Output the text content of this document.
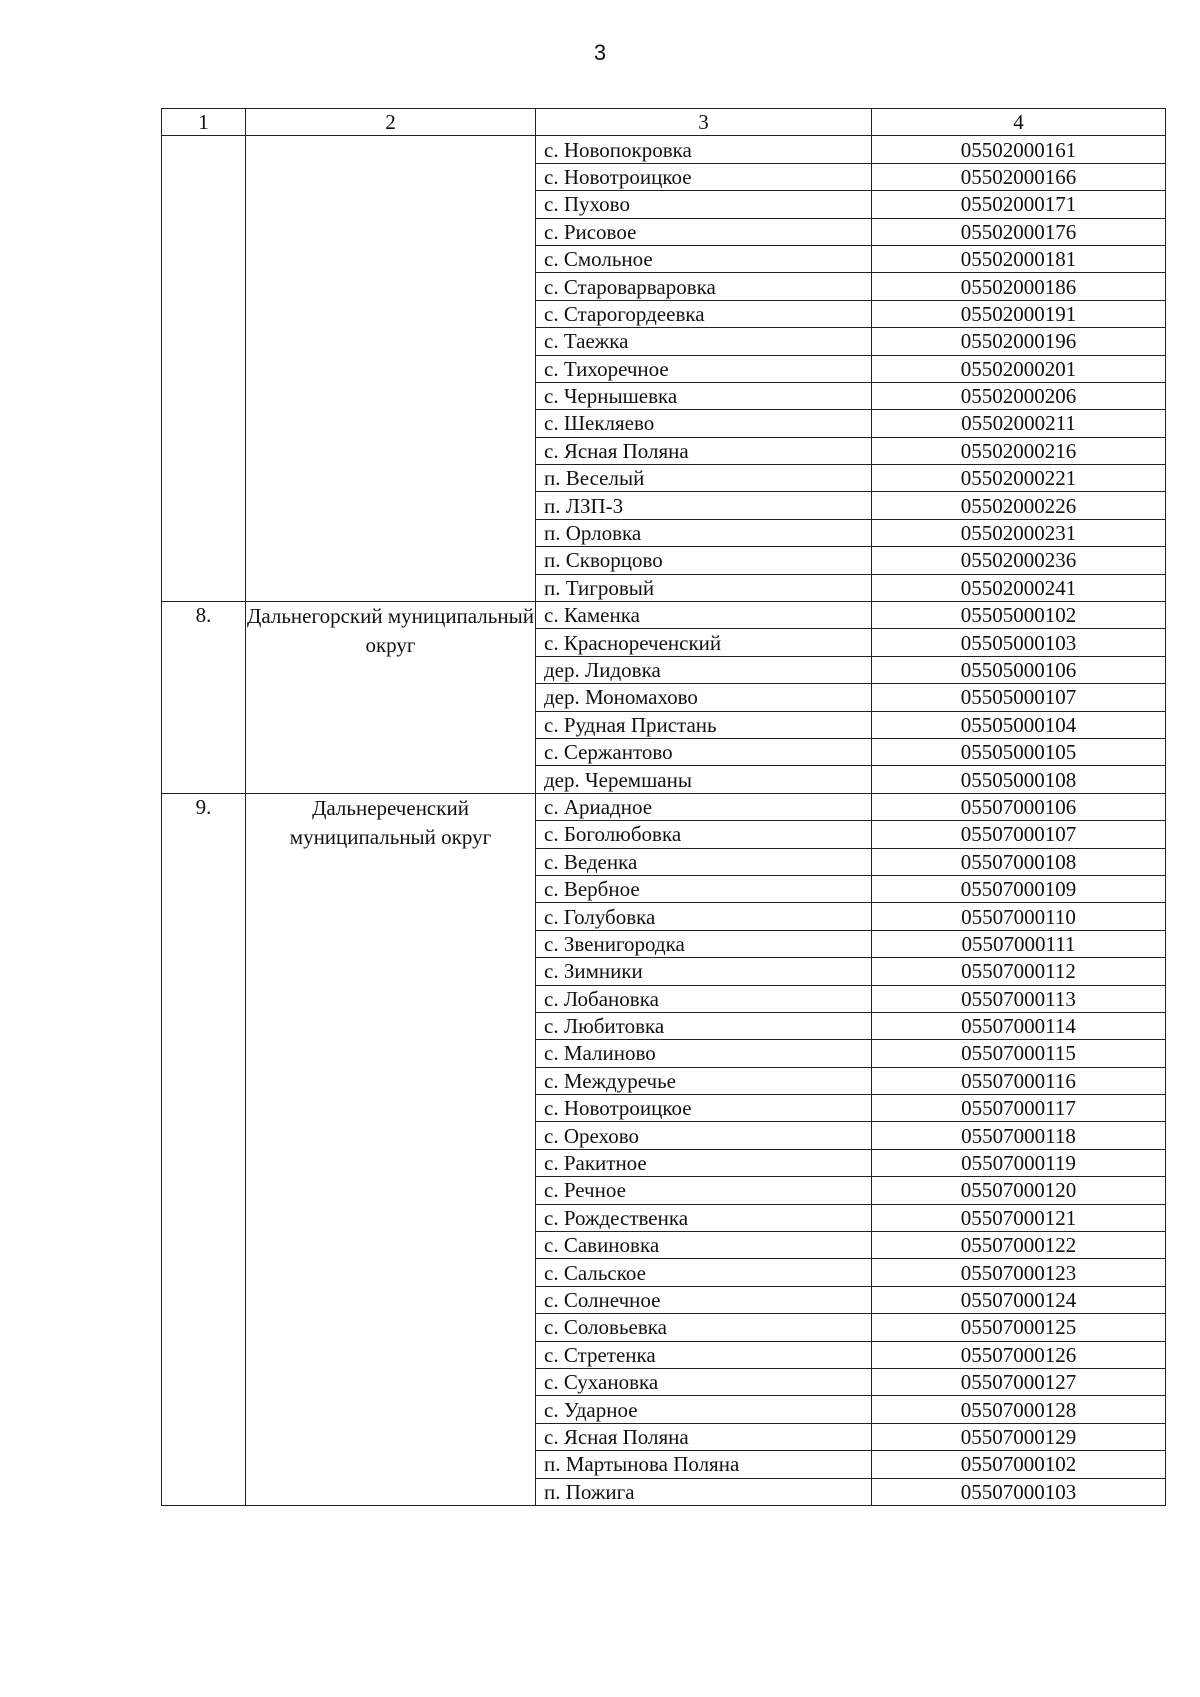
3
1	2	3	4
		с. Новопокровка	05502000161
		с. Новотроицкое	05502000166
		с. Пухово	05502000171
		с. Рисовое	05502000176
		с. Смольное	05502000181
		с. Староварваровка	05502000186
		с. Старогордеевка	05502000191
		с. Таежка	05502000196
		с. Тихоречное	05502000201
		с. Чернышевка	05502000206
		с. Шекляево	05502000211
		с. Ясная Поляна	05502000216
		п. Веселый	05502000221
		п. ЛЗП-3	05502000226
		п. Орловка	05502000231
		п. Скворцово	05502000236
		п. Тигровый	05502000241
8.	Дальнегорский муниципальный округ	с. Каменка	05505000102
		с. Краснореченский	05505000103
		дер. Лидовка	05505000106
		дер. Мономахово	05505000107
		с. Рудная Пристань	05505000104
		с. Сержантово	05505000105
		дер. Черемшаны	05505000108
9.	Дальнереченский муниципальный округ	с. Ариадное	05507000106
		с. Боголюбовка	05507000107
		с. Веденка	05507000108
		с. Вербное	05507000109
		с. Голубовка	05507000110
		с. Звенигородка	05507000111
		с. Зимники	05507000112
		с. Лобановка	05507000113
		с. Любитовка	05507000114
		с. Малиново	05507000115
		с. Междуречье	05507000116
		с. Новотроицкое	05507000117
		с. Орехово	05507000118
		с. Ракитное	05507000119
		с. Речное	05507000120
		с. Рождественка	05507000121
		с. Савиновка	05507000122
		с. Сальское	05507000123
		с. Солнечное	05507000124
		с. Соловьевка	05507000125
		с. Стретенка	05507000126
		с. Сухановка	05507000127
		с. Ударное	05507000128
		с. Ясная Поляна	05507000129
		п. Мартынова Поляна	05507000102
		п. Пожига	05507000103
